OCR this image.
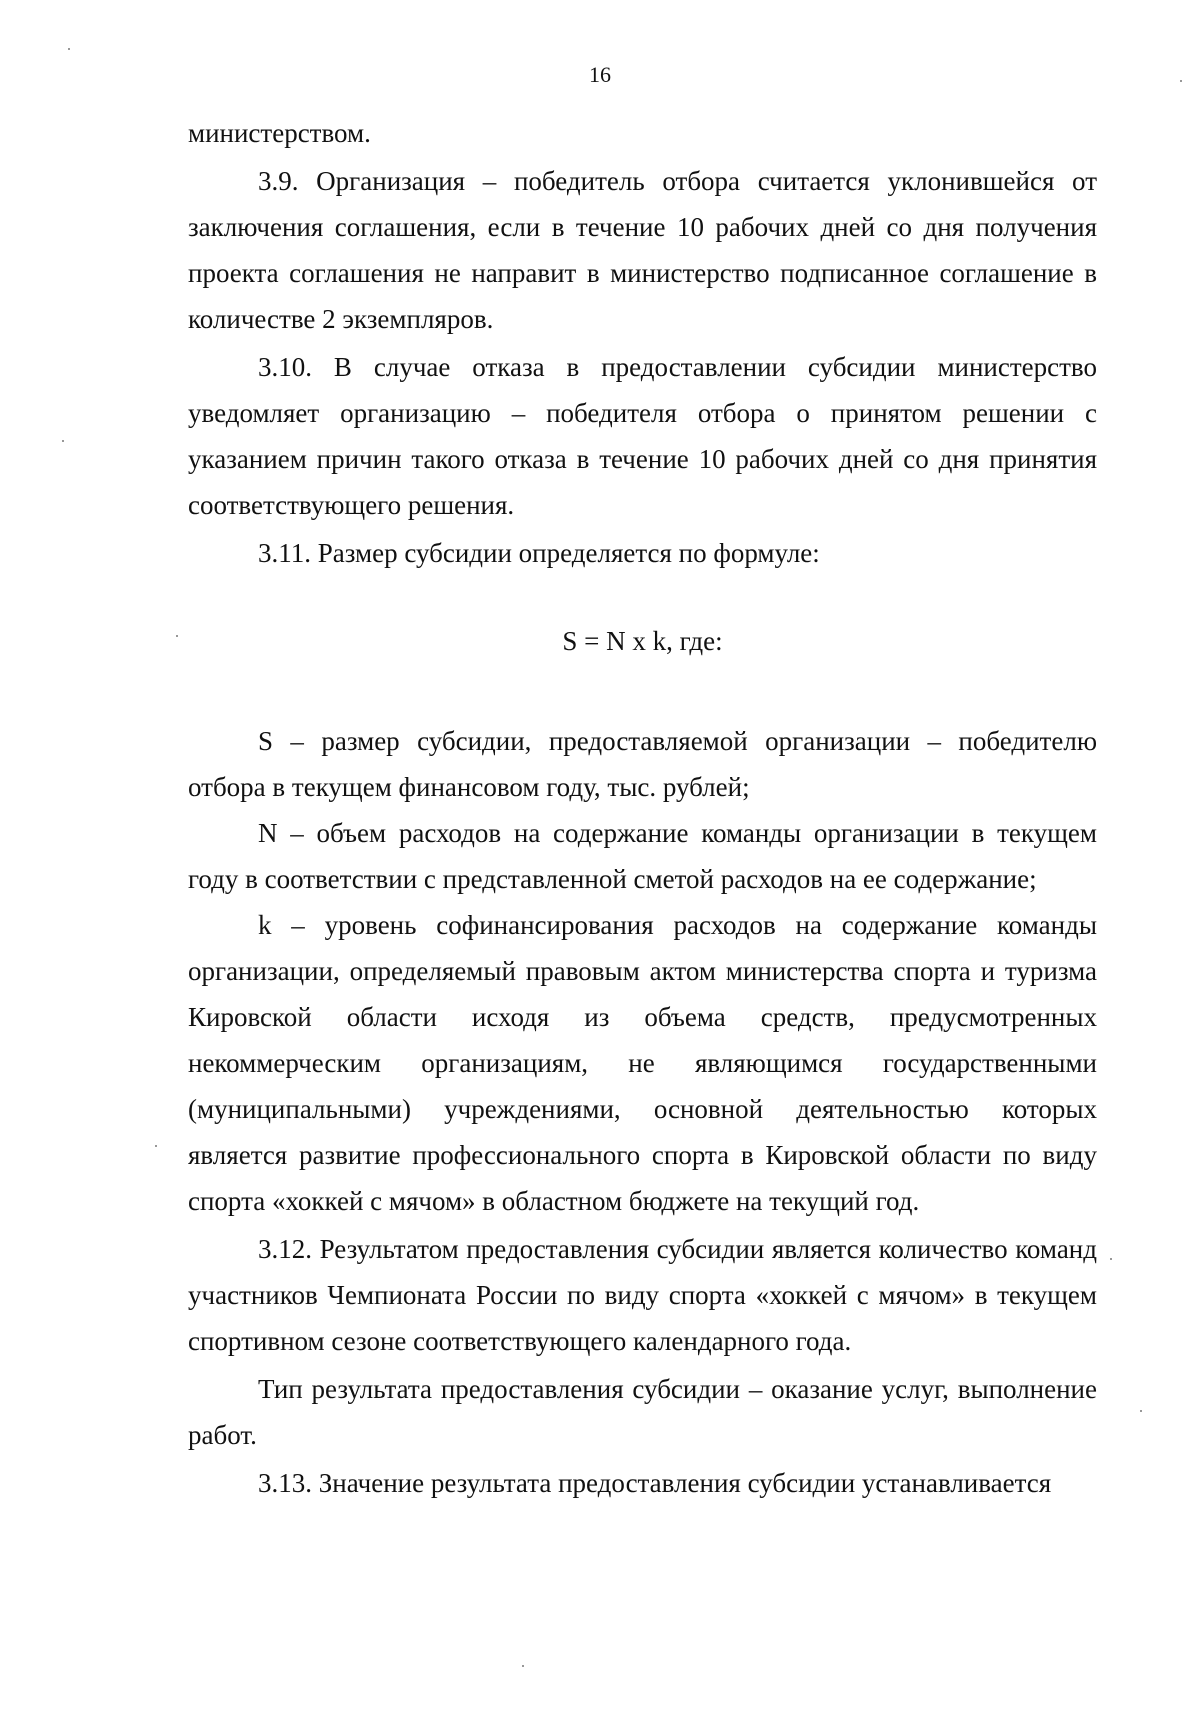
16

министерством.

3.9. Организация – победитель отбора считается уклонившейся от заключения соглашения, если в течение 10 рабочих дней со дня получения проекта соглашения не направит в министерство подписанное соглашение в количестве 2 экземпляров.

3.10. В случае отказа в предоставлении субсидии министерство уведомляет организацию – победителя отбора о принятом решении с указанием причин такого отказа в течение 10 рабочих дней со дня принятия соответствующего решения.

3.11. Размер субсидии определяется по формуле:

S = N x k, где:

S – размер субсидии, предоставляемой организации – победителю отбора в текущем финансовом году, тыс. рублей;

N – объем расходов на содержание команды организации в текущем году в соответствии с представленной сметой расходов на ее содержание;

k – уровень софинансирования расходов на содержание команды организации, определяемый правовым актом министерства спорта и туризма Кировской области исходя из объема средств, предусмотренных некоммерческим организациям, не являющимся государственными (муниципальными) учреждениями, основной деятельностью которых является развитие профессионального спорта в Кировской области по виду спорта «хоккей с мячом» в областном бюджете на текущий год.

3.12. Результатом предоставления субсидии является количество команд участников Чемпионата России по виду спорта «хоккей с мячом» в текущем спортивном сезоне соответствующего календарного года.

Тип результата предоставления субсидии – оказание услуг, выполнение работ.

3.13. Значение результата предоставления субсидии устанавливается
